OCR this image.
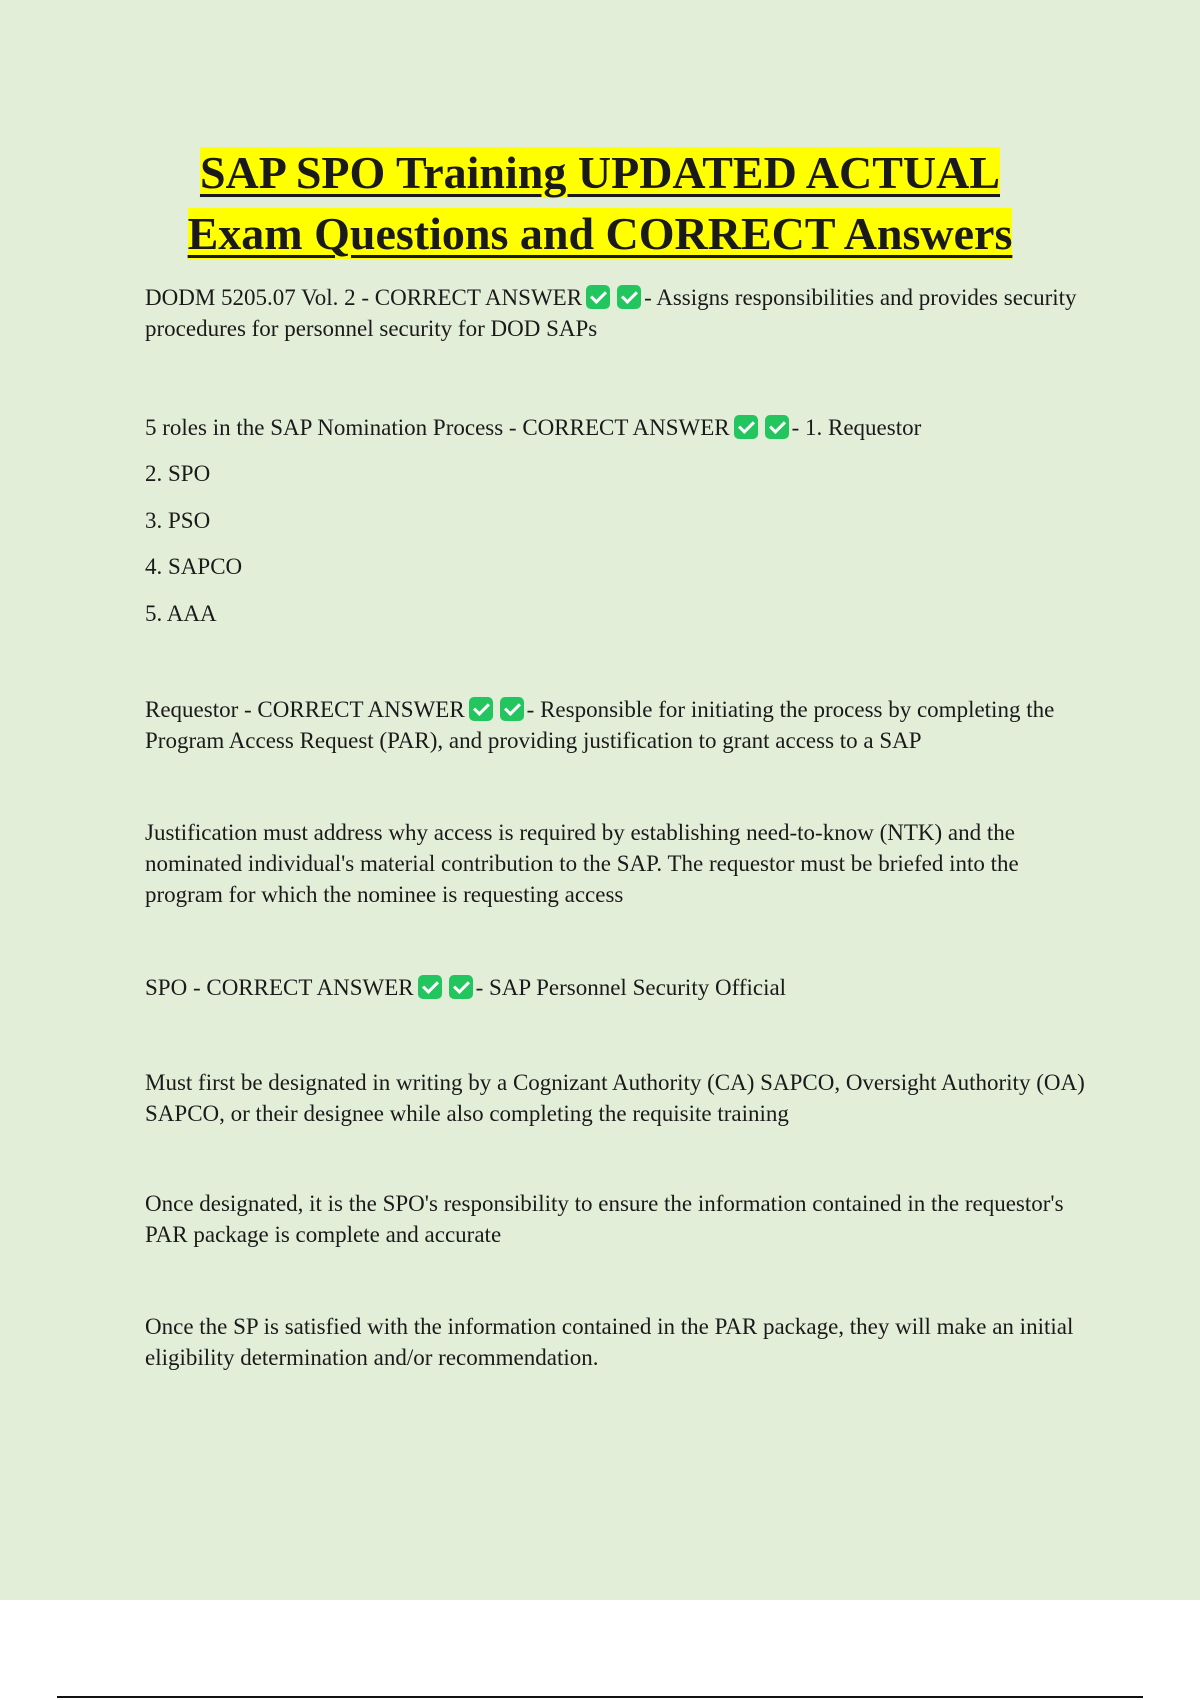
SAP SPO Training UPDATED ACTUAL
Exam Questions and CORRECT Answers

DODM 5205.07 Vol. 2 - CORRECT ANSWER	- Assigns responsibilities and provides security procedures for personnel security for DOD SAPs

5 roles in the SAP Nomination Process - CORRECT ANSWER	- 1. Requestor

2. SPO

3. PSO

4. SAPCO

5. AAA

Requestor - CORRECT ANSWER	- Responsible for initiating the process by completing the Program Access Request (PAR), and providing justification to grant access to a SAP

Justification must address why access is required by establishing need-to-know (NTK) and the nominated individual's material contribution to the SAP. The requestor must be briefed into the program for which the nominee is requesting access

SPO - CORRECT ANSWER	- SAP Personnel Security Official

Must first be designated in writing by a Cognizant Authority (CA) SAPCO, Oversight Authority (OA) SAPCO, or their designee while also completing the requisite training

Once designated, it is the SPO's responsibility to ensure the information contained in the requestor's PAR package is complete and accurate

Once the SP is satisfied with the information contained in the PAR package, they will make an initial eligibility determination and/or recommendation.
